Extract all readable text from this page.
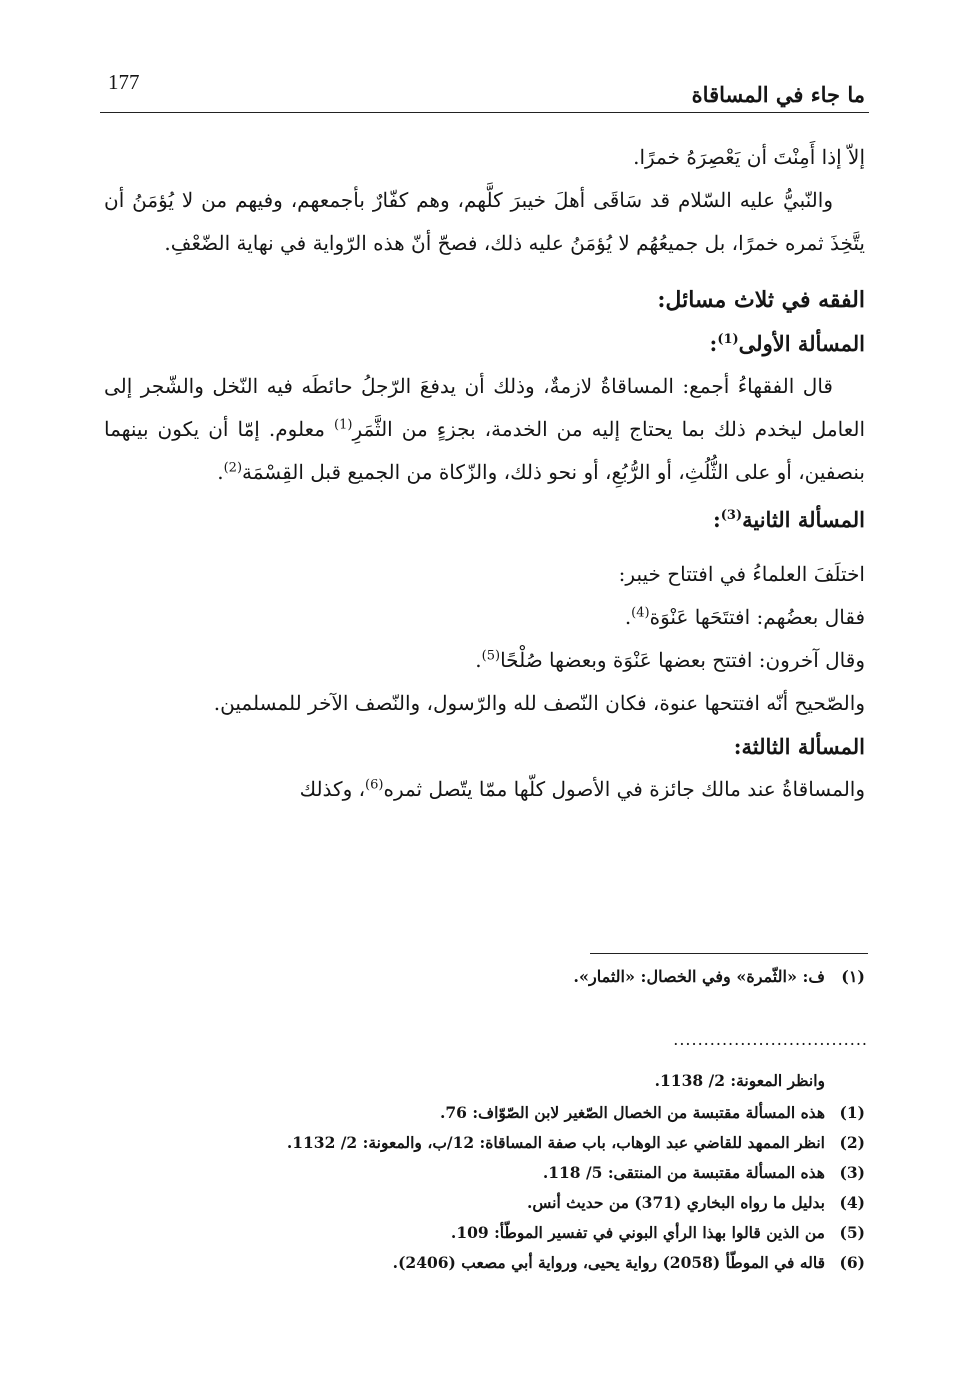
177	ما جاء في المساقاة

إلاّ إذا أَمِنْتَ أن يَعْصِرَهُ خمرًا.

والنّبيُّ عليه السّلام قد سَاقَى أهلَ خيبرَ كلَّهم، وهم كفّارٌ بأجمعهم، وفيهم من لا يُؤمَنُ أن يتَّخِذَ ثمره خمرًا، بل جميعُهُم لا يُؤمَنُ عليه ذلك، فصحّ أنّ هذه الرّواية في نهاية الضّعْفِ.

الفقه في ثلاث مسائل:

المسألة الأولى$^{(1)}$:

قال الفقهاءُ أجمع: المساقاةُ لازمةٌ، وذلك أن يدفعَ الرّجلُ حائطَه فيه النّخل والشّجر إلى العامل ليخدم ذلك بما يحتاج إليه من الخدمة، بجزءٍ من الثَّمَرِ$^{(1)}$ معلوم. إمّا أن يكون بينهما بنصفين، أو على الثُّلُثِ، أو الرُّبُعِ، أو نحو ذلك، والزّكاة من الجميع قبل القِسْمَة$^{(2)}$.

المسألة الثانية$^{(3)}$:

اختلَفَ العلماءُ في افتتاح خيبر:

فقال بعضُهم: افتتَحَها عَنْوَة$^{(4)}$.

وقال آخرون: افتتح بعضها عَنْوَة وبعضها صُلْحًا$^{(5)}$.

والصّحيح أنّه افتتحها عنوة، فكان النّصف لله والرّسول، والنّصف الآخر للمسلمين.

المسألة الثالثة:

والمساقاةُ عند مالك جائزة في الأصول كلّها ممّا يتّصل ثمره$^{(6)}$، وكذلك

(١)ف: «الثّمرة» وفي الخصال: «الثمار».
................................

وانظر المعونة: 2/ 1138.

(1)هذه المسألة مقتبسة من الخصال الصّغير لابن الصّوّاف: 76.

(2)انظر الممهد للقاضي عبد الوهاب، باب صفة المساقاة: 12/ب، والمعونة: 2/ 1132.

(3)هذه المسألة مقتبسة من المنتقى: 5/ 118.

(4)بدليل ما رواه البخاري (371) من حديث أنس.

(5)من الذين قالوا بهذا الرأي البوني في تفسير الموطّأ: 109.

(6)قاله في الموطّأ (2058) رواية يحيى، ورواية أبي مصعب (2406).
